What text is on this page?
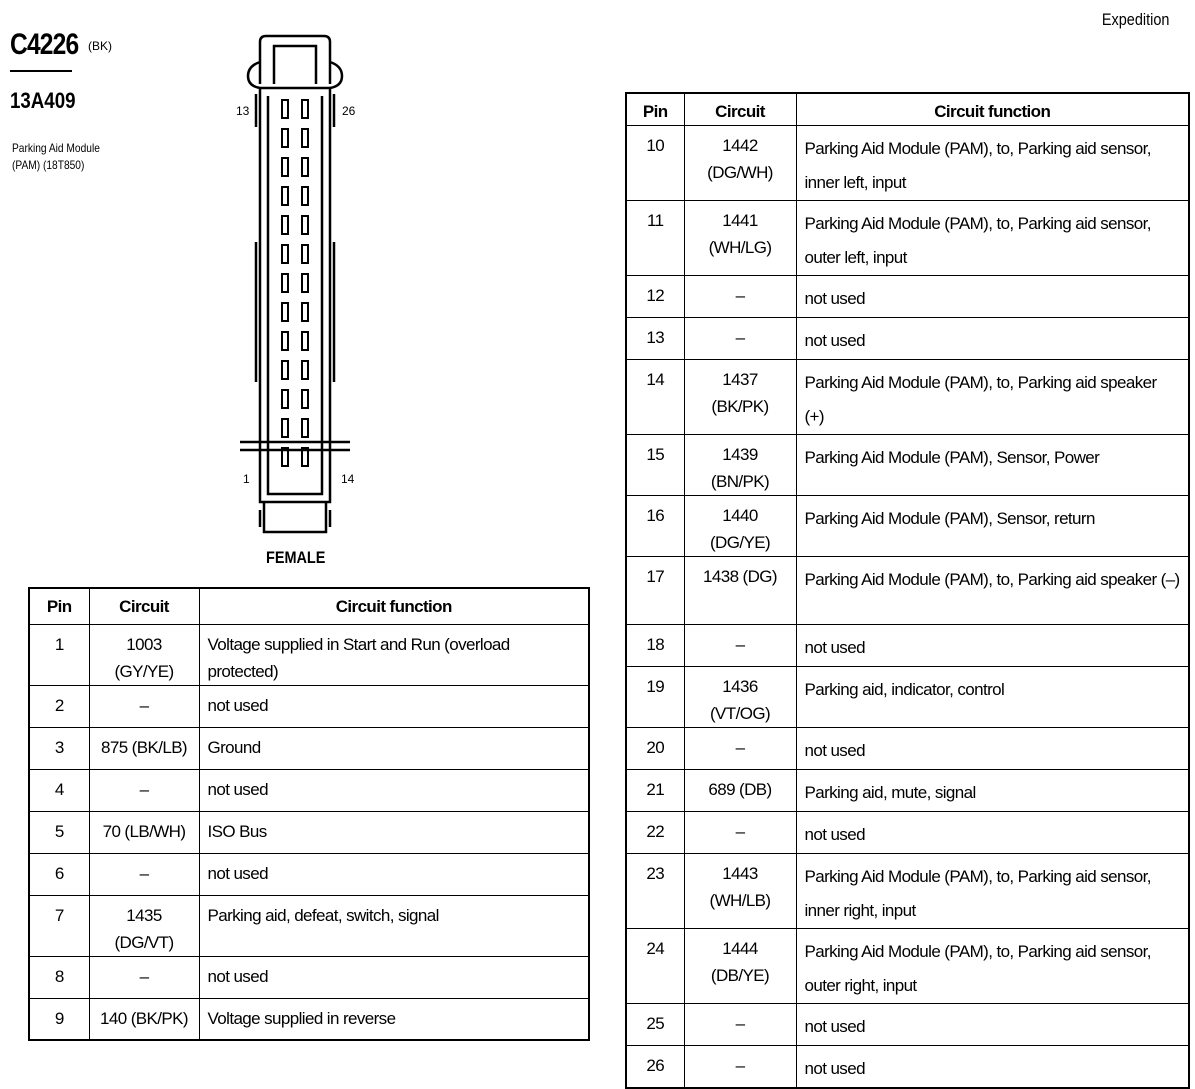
Expedition
C4226 (BK)
13A409
Parking Aid Module (PAM) (18T850)
13	26
1	14
FEMALE
Pin	Circuit	Circuit function
1	1003 (GY/YE)	Voltage supplied in Start and Run (overload protected)
2	–	not used
3	875 (BK/LB)	Ground
4	–	not used
5	70 (LB/WH)	ISO Bus
6	–	not used
7	1435 (DG/VT)	Parking aid, defeat, switch, signal
8	–	not used
9	140 (BK/PK)	Voltage supplied in reverse
Pin	Circuit	Circuit function
10	1442 (DG/WH)	Parking Aid Module (PAM), to, Parking aid sensor, inner left, input
11	1441 (WH/LG)	Parking Aid Module (PAM), to, Parking aid sensor, outer left, input
12	–	not used
13	–	not used
14	1437 (BK/PK)	Parking Aid Module (PAM), to, Parking aid speaker (+)
15	1439 (BN/PK)	Parking Aid Module (PAM), Sensor, Power
16	1440 (DG/YE)	Parking Aid Module (PAM), Sensor, return
17	1438 (DG)	Parking Aid Module (PAM), to, Parking aid speaker (–)
18	–	not used
19	1436 (VT/OG)	Parking aid, indicator, control
20	–	not used
21	689 (DB)	Parking aid, mute, signal
22	–	not used
23	1443 (WH/LB)	Parking Aid Module (PAM), to, Parking aid sensor, inner right, input
24	1444 (DB/YE)	Parking Aid Module (PAM), to, Parking aid sensor, outer right, input
25	–	not used
26	–	not used
